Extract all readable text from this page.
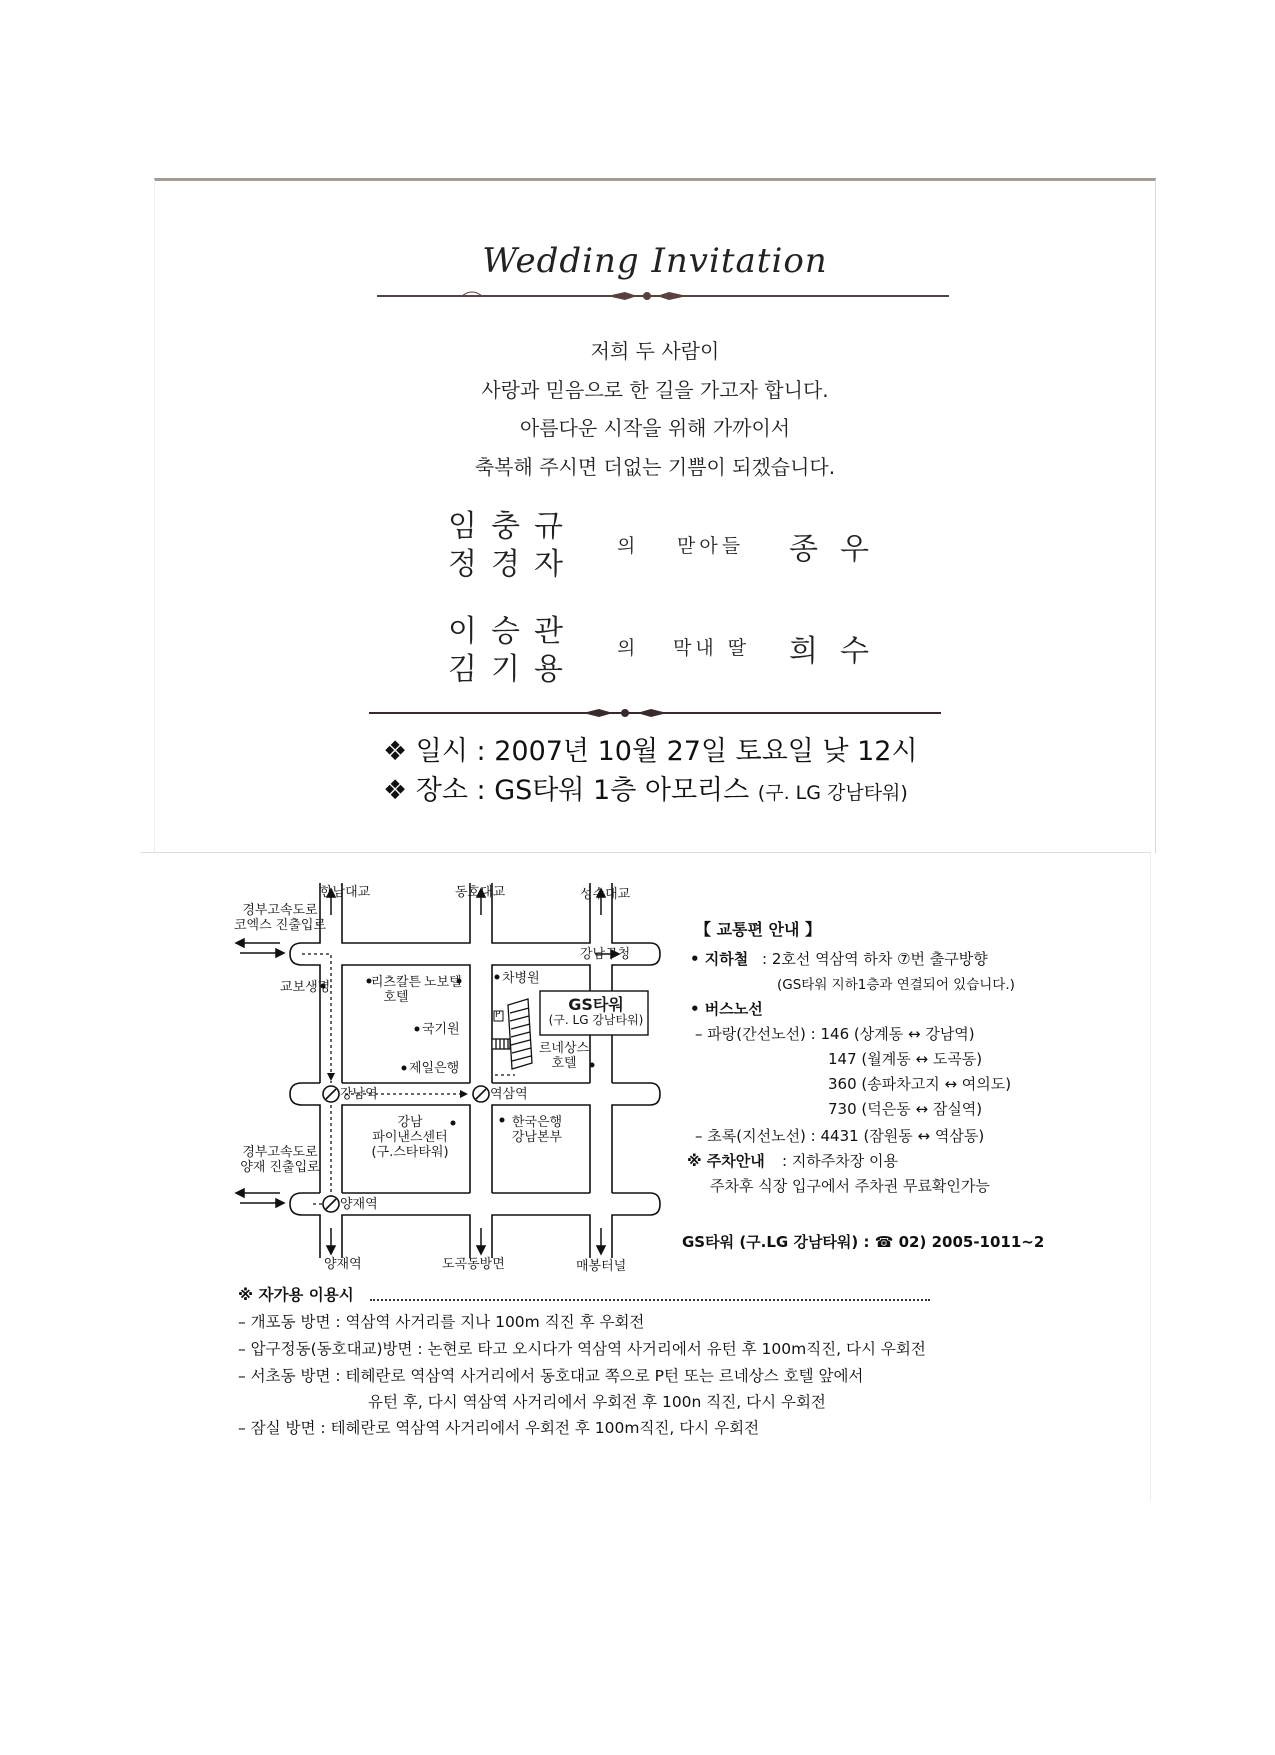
Wedding Invitation
저희 두 사람이
사랑과 믿음으로 한 길을 가고자 합니다.
아름다운 시작을 위해 가까이서
축복해 주시면 더없는 기쁨이 되겠습니다.
임충규
정경자
의 맏아들 종우
이승관
김기용
의 막내 딸 희수
❖ 일시 : 2007년 10월 27일 토요일 낮 12시
❖ 장소 : GS타워 1층 아모리스 (구. LG 강남타워)
한남대교	동호대교	성수대교
경부고속도로
코엑스 진출입로
강남구청
교보생명	리츠칼튼
호텔
노보텔	차병원
GS타워
(구. LG 강남타워)
P
국기원
제일은행
르네상스
호텔
강남역	역삼역
강남
파이낸스센터
(구.스타타워)
한국은행
강남본부
경부고속도로
양재 진출입로
양재역
양재역	도곡동방면	매봉터널
【 교통편 안내 】
• 지하철 : 2호선 역삼역 하차 ⑦번 출구방향
(GS타워 지하1층과 연결되어 있습니다.)
• 버스노선
– 파랑(간선노선) : 146 (상계동 ↔ 강남역)
147 (월계동 ↔ 도곡동)
360 (송파차고지 ↔ 여의도)
730 (덕은동 ↔ 잠실역)
– 초록(지선노선) : 4431 (잠원동 ↔ 역삼동)
※ 주차안내 : 지하주차장 이용
주차후 식장 입구에서 주차권 무료확인가능
GS타워 (구.LG 강남타워) : ☎ 02) 2005-1011~2
※ 자가용 이용시
– 개포동 방면 : 역삼역 사거리를 지나 100m 직진 후 우회전
– 압구정동(동호대교)방면 : 논현로 타고 오시다가 역삼역 사거리에서 유턴 후 100m직진, 다시 우회전
– 서초동 방면 : 테헤란로 역삼역 사거리에서 동호대교 쪽으로 P턴 또는 르네상스 호텔 앞에서
유턴 후, 다시 역삼역 사거리에서 우회전 후 100n 직진, 다시 우회전
– 잠실 방면 : 테헤란로 역삼역 사거리에서 우회전 후 100m직진, 다시 우회전
